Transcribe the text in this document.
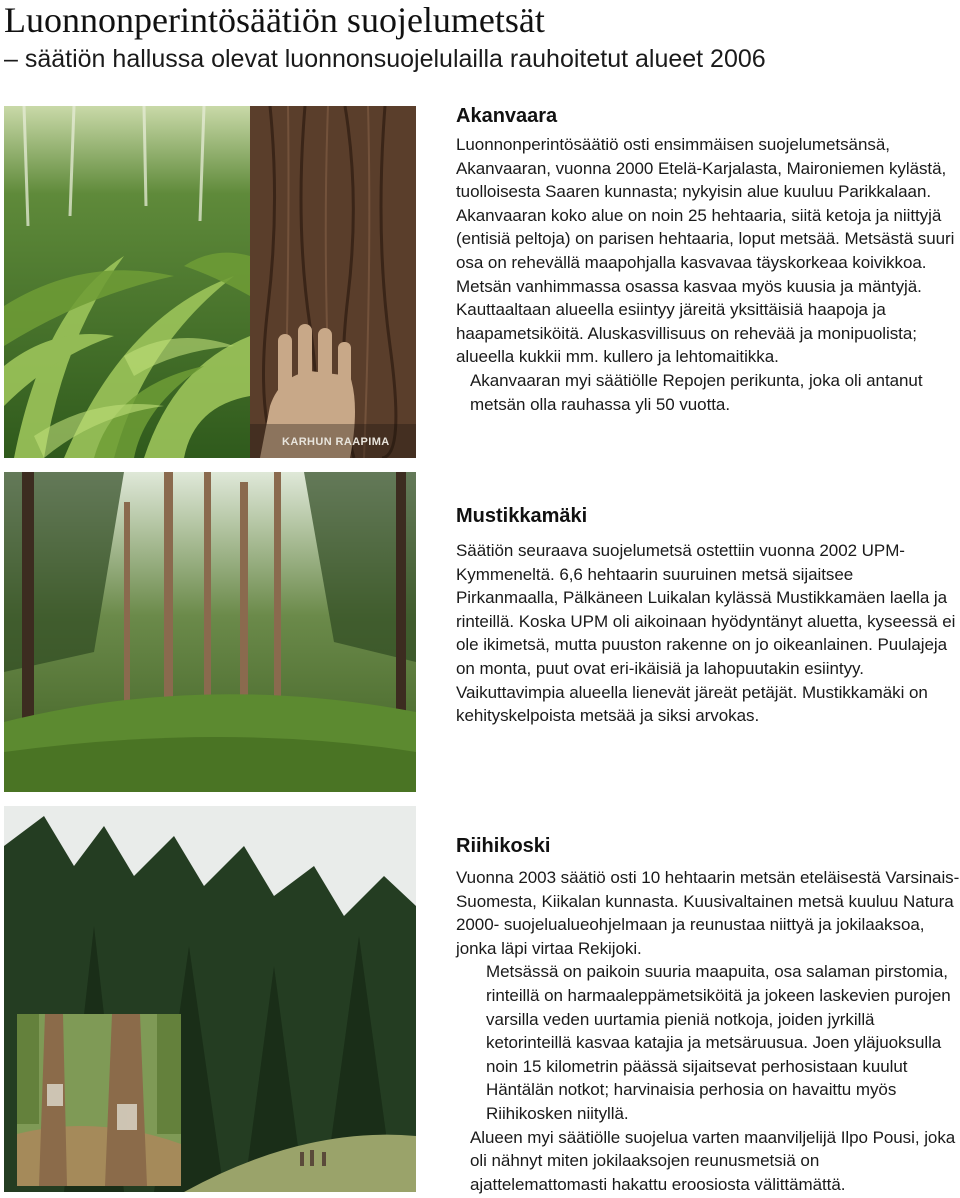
Luonnonperintösäätiön suojelumetsät
– säätiön hallussa olevat luonnonsuojelulailla rauhoitetut alueet 2006
KARHUN RAAPIMA
Akanvaara

Luonnonperintösäätiö osti ensimmäisen suojelumetsänsä, Akanvaaran, vuonna 2000 Etelä-Karjalasta, Maironiemen kylästä, tuolloisesta Saaren kunnasta; nykyisin alue kuuluu Parikkalaan. Akanvaaran koko alue on noin 25 hehtaaria, siitä ketoja ja niittyjä (entisiä peltoja) on parisen hehtaaria, loput metsää. Metsästä suuri osa on rehevällä maapohjalla kasvavaa täyskorkeaa koivikkoa. Metsän vanhimmassa osassa kasvaa myös kuusia ja mäntyjä. Kauttaaltaan alueella esiintyy järeitä yksittäisiä haapoja ja haapametsiköitä. Aluskasvillisuus on rehevää ja monipuolista; alueella kukkii mm. kullero ja lehtomaitikka.

Akanvaaran myi säätiölle Repojen perikunta, joka oli antanut metsän olla rauhassa yli 50 vuotta.

Mustikkamäki

Säätiön seuraava suojelumetsä ostettiin vuonna 2002 UPM-Kymmeneltä. 6,6 hehtaarin suuruinen metsä sijaitsee Pirkanmaalla, Pälkäneen Luikalan kylässä Mustikkamäen laella ja rinteillä. Koska UPM oli aikoinaan hyödyntänyt aluetta, kyseessä ei ole ikimetsä, mutta puuston rakenne on jo oikeanlainen. Puulajeja on monta, puut ovat eri-ikäisiä ja lahopuutakin esiintyy. Vaikuttavimpia alueella lienevät järeät petäjät. Mustikkamäki on kehityskelpoista metsää ja siksi arvokas.

Riihikoski

Vuonna 2003 säätiö osti 10 hehtaarin metsän eteläisestä Varsinais-Suomesta, Kiikalan kunnasta. Kuusivaltainen metsä kuuluu Natura 2000- suojelualueohjelmaan ja reunustaa niittyä ja jokilaaksoa, jonka läpi virtaa Rekijoki.

Metsässä on paikoin suuria maapuita, osa salaman pirstomia, rinteillä on harmaaleppämetsiköitä ja jokeen laskevien purojen varsilla veden uurtamia pieniä notkoja, joiden jyrkillä ketorinteillä kasvaa katajia ja metsäruusua. Joen yläjuoksulla noin 15 kilometrin päässä sijaitsevat perhosistaan kuulut Häntälän notkot; harvinaisia perhosia on havaittu myös Riihikosken niityllä.

Alueen myi säätiölle suojelua varten maanviljelijä Ilpo Pousi, joka oli nähnyt miten jokilaaksojen reunusmetsiä on ajattelemattomasti hakattu eroosiosta välittämättä.
